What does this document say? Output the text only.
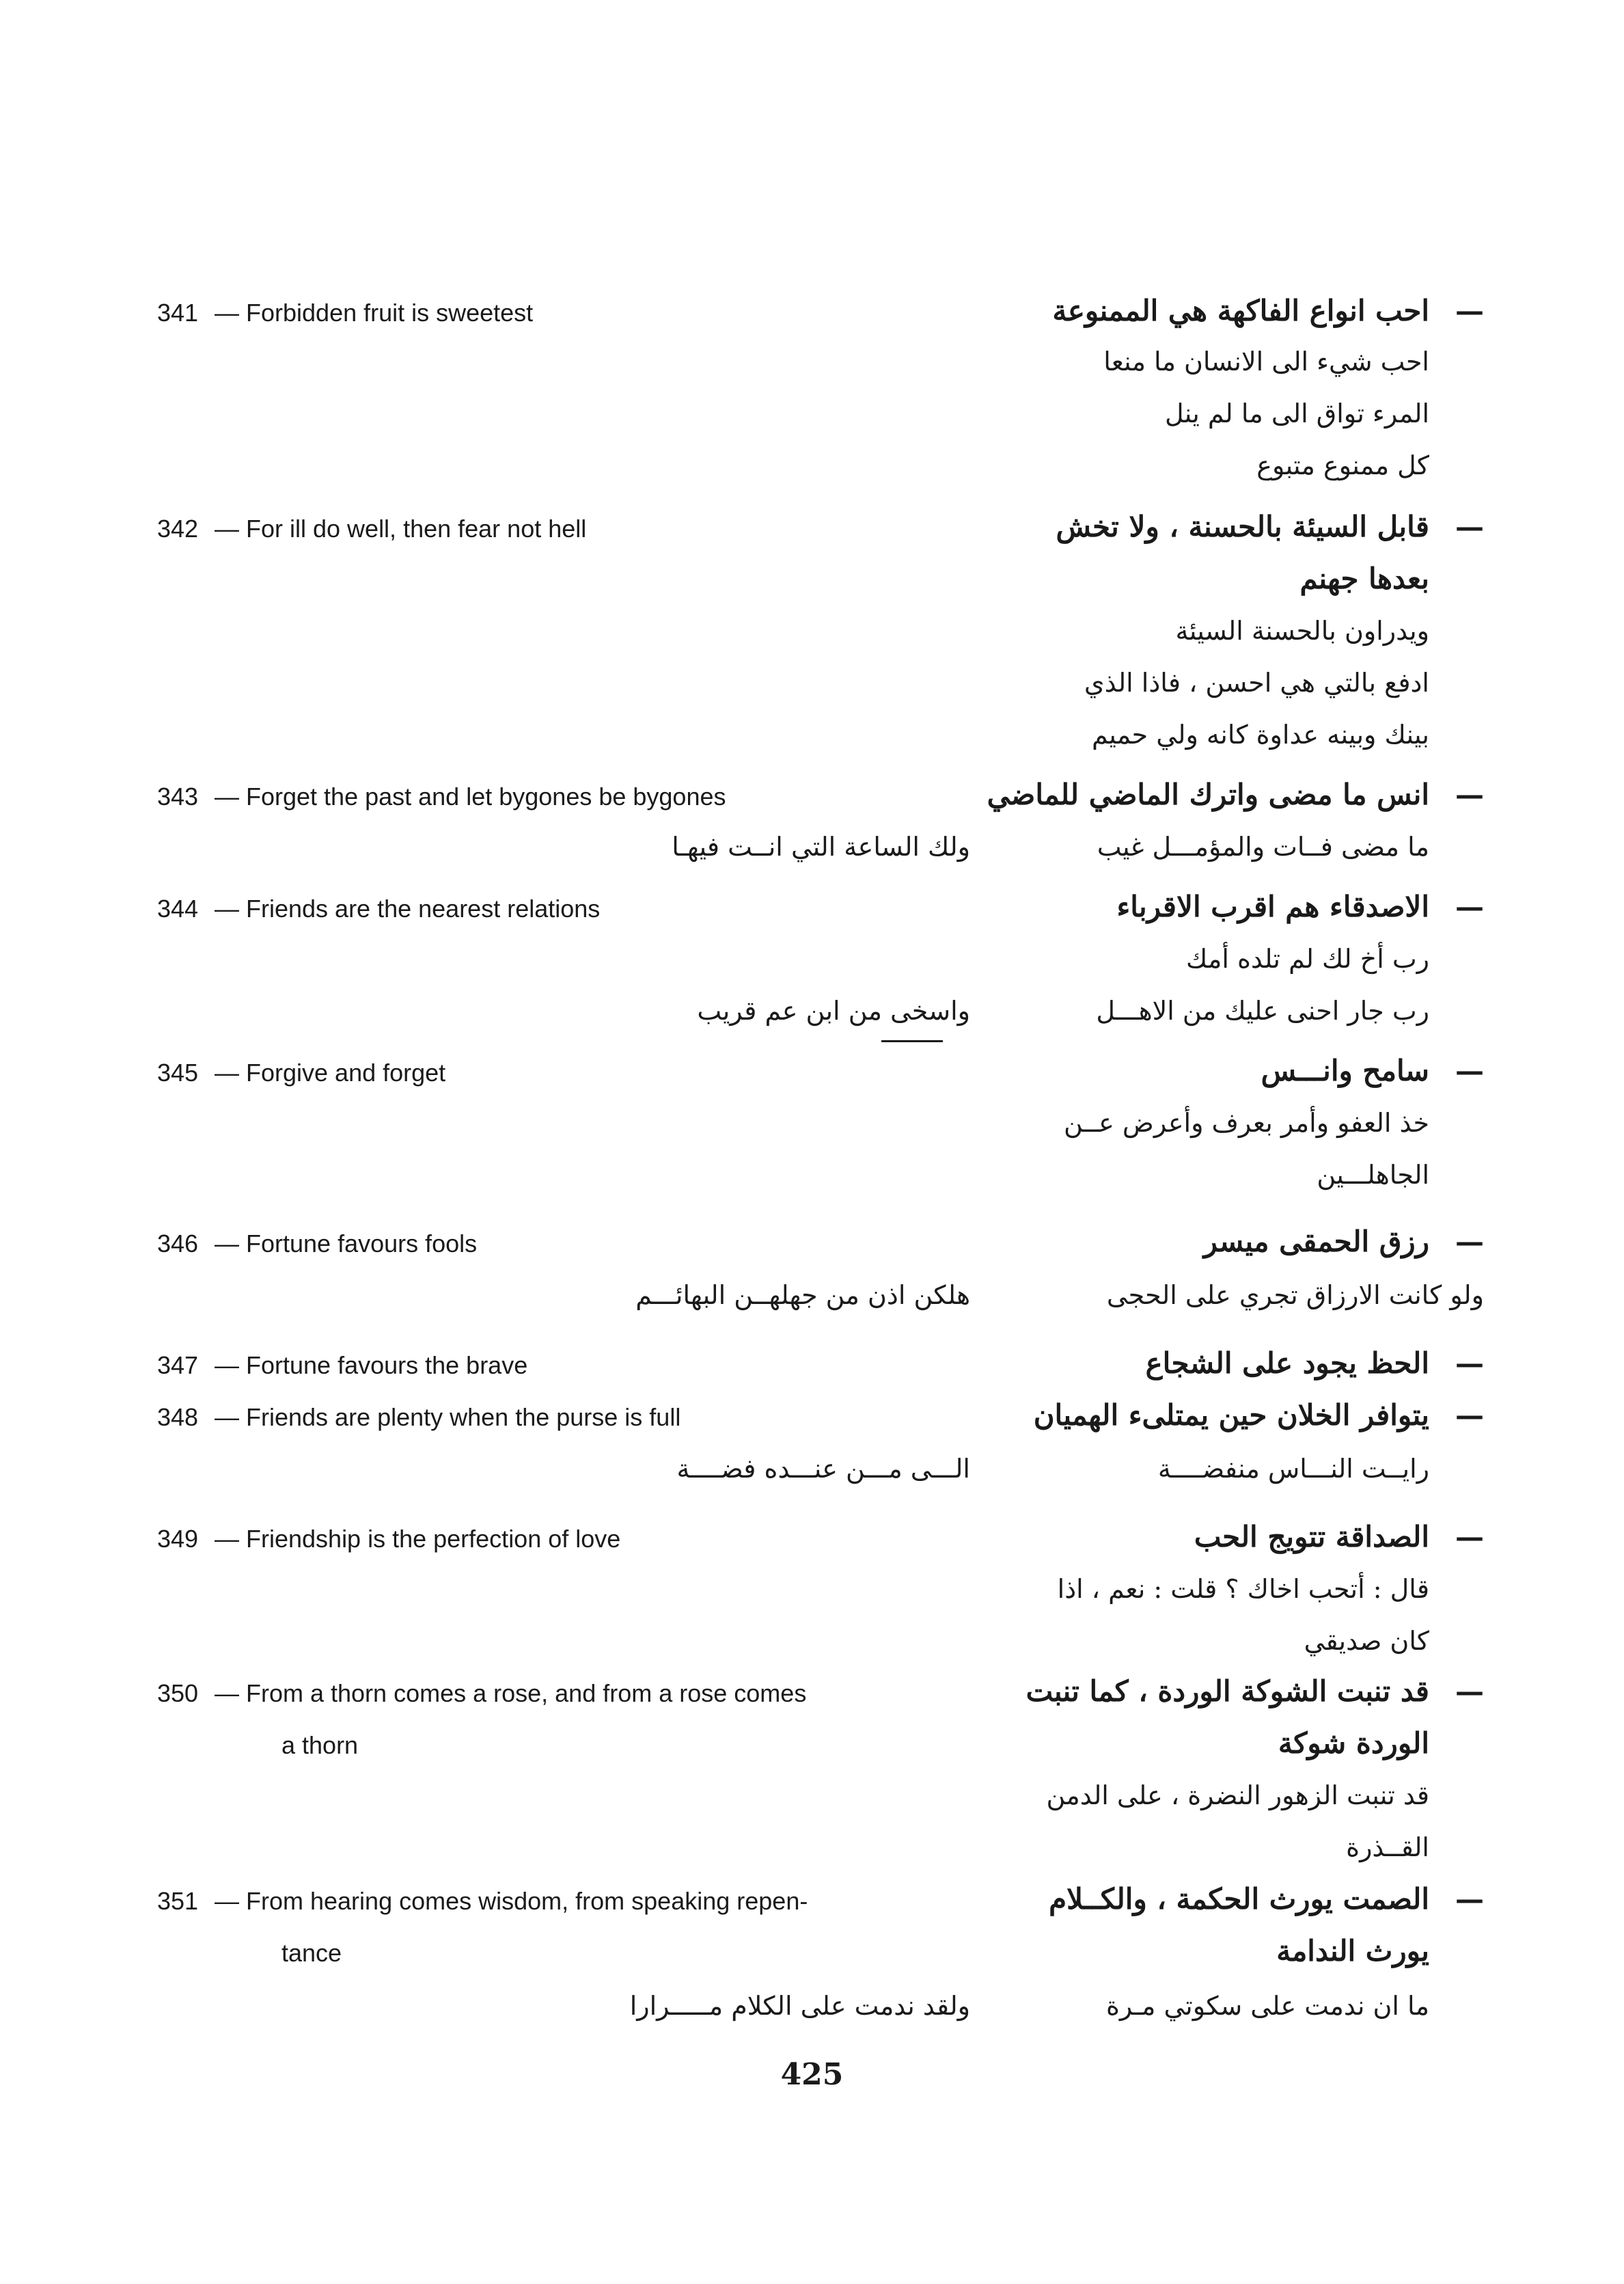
341 — Forbidden fruit is sweetest	—
احب انواع الفاكهة هي الممنوعة
احب شيء الى الانسان ما منعا
المرء تواق الى ما لم ينل
كل ممنوع متبوع
342 — For ill do well, then fear not hell	—
قابل السيئة بالحسنة ، ولا تخش
بعدها جهنم
ويدراون بالحسنة السيئة
ادفع بالتي هي احسن ، فاذا الذي
بينك وبينه عداوة كانه ولي حميم
343 — Forget the past and let bygones be bygones	—
انس ما مضى واترك الماضي للماضي
ما مضى فــات والمؤمـــل غيب
ولك الساعة التي انــت فيهـا
344 — Friends are the nearest relations	—
الاصدقاء هم اقرب الاقرباء
رب أخ لك لم تلده أمك
رب جار احنى عليك من الاهـــل
واسخى من ابن عم قريب
345 — Forgive and forget	—
سامح وانـــس
خذ العفو وأمر بعرف وأعرض عــن
الجاهلـــين
346 — Fortune favours fools	—
رزق الحمقى ميسر
ولو كانت الارزاق تجري على الحجى
هلكن اذن من جهلهــن البهائـــم
347 — Fortune favours the brave	—
الحظ يجود على الشجاع
348 — Friends are plenty when the purse is full	—
يتوافر الخلان حين يمتلىء الهميان
رايــت النـــاس منفضــــة
الـــى مـــن عنـــده فضــــة
349 — Friendship is the perfection of love	—
الصداقة تتويج الحب
قال : أتحب اخاك ؟ قلت : نعم ، اذا
كان صديقي
350 — From a thorn comes a rose, and from a rose comes
a thorn
—
قد تنبت الشوكة الوردة ، كما تنبت
الوردة شوكة
قد تنبت الزهور النضرة ، على الدمن
القــذرة
351 — From hearing comes wisdom, from speaking repen-
tance
—
الصمت يورث الحكمة ، والكــلام
يورث الندامة
ما ان ندمت على سكوتي مـرة
ولقد ندمت على الكلام مـــــرارا
425
